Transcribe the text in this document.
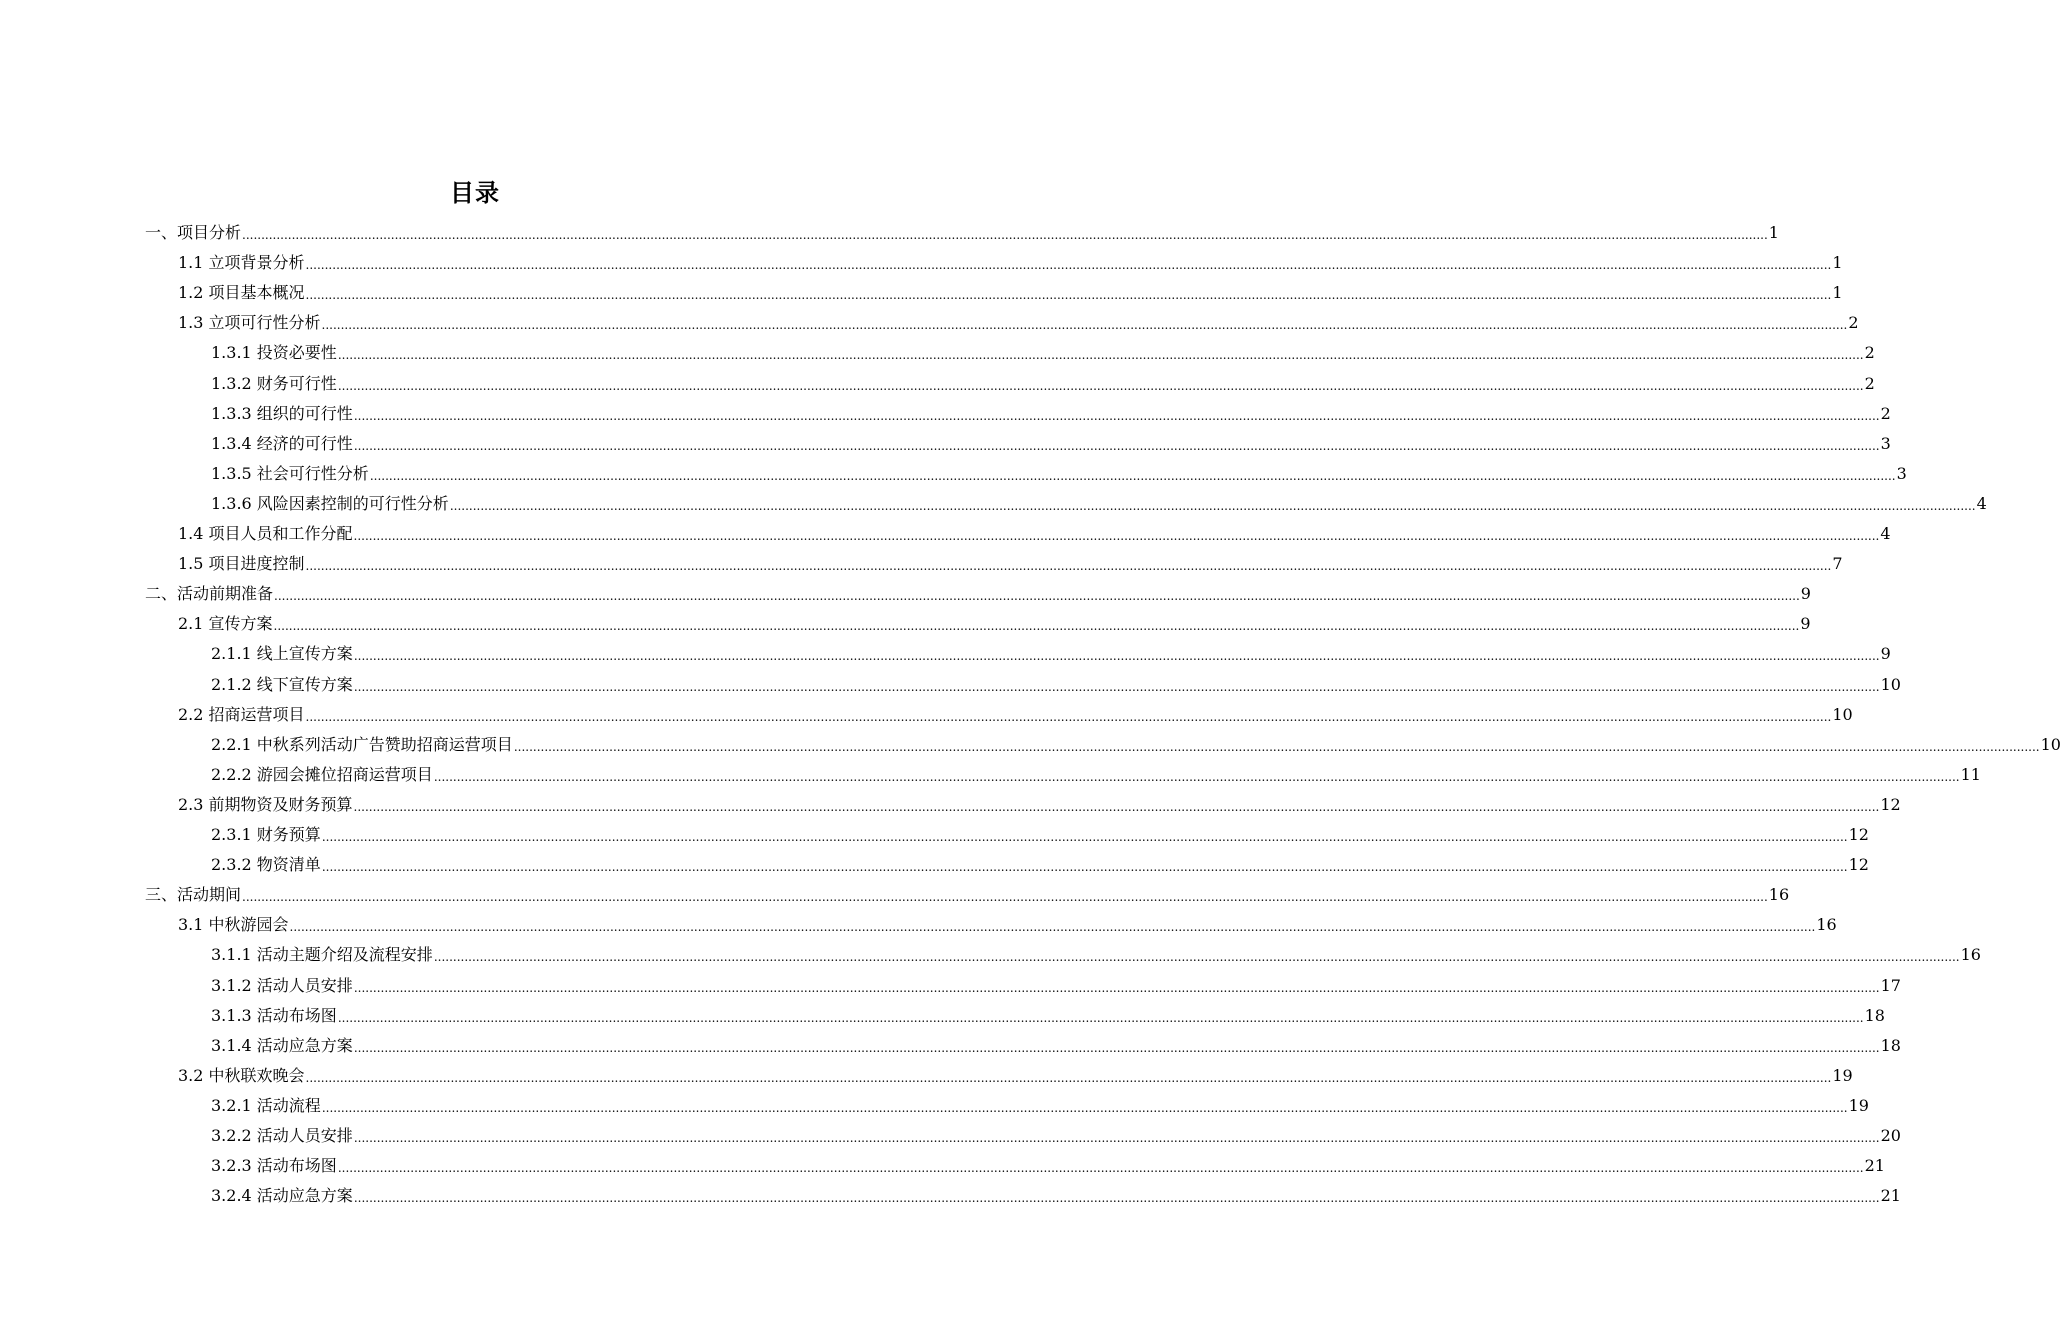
目录
一、项目分析 ................................................................................................................................................................................................................................................................................................................................................................................................................ 1
1.1 立项背景分析 ................................................................................................................................................................................................................................................................................................................................................................................................................ 1
1.2 项目基本概况 ................................................................................................................................................................................................................................................................................................................................................................................................................ 1
1.3 立项可行性分析 ................................................................................................................................................................................................................................................................................................................................................................................................................ 2
1.3.1 投资必要性 ................................................................................................................................................................................................................................................................................................................................................................................................................ 2
1.3.2 财务可行性 ................................................................................................................................................................................................................................................................................................................................................................................................................ 2
1.3.3 组织的可行性 ................................................................................................................................................................................................................................................................................................................................................................................................................ 2
1.3.4 经济的可行性 ................................................................................................................................................................................................................................................................................................................................................................................................................ 3
1.3.5 社会可行性分析 ................................................................................................................................................................................................................................................................................................................................................................................................................ 3
1.3.6 风险因素控制的可行性分析 ................................................................................................................................................................................................................................................................................................................................................................................................................ 4
1.4 项目人员和工作分配 ................................................................................................................................................................................................................................................................................................................................................................................................................ 4
1.5 项目进度控制 ................................................................................................................................................................................................................................................................................................................................................................................................................ 7
二、活动前期准备 ................................................................................................................................................................................................................................................................................................................................................................................................................ 9
2.1 宣传方案 ................................................................................................................................................................................................................................................................................................................................................................................................................ 9
2.1.1 线上宣传方案 ................................................................................................................................................................................................................................................................................................................................................................................................................ 9
2.1.2 线下宣传方案 ................................................................................................................................................................................................................................................................................................................................................................................................................ 10
2.2 招商运营项目 ................................................................................................................................................................................................................................................................................................................................................................................................................ 10
2.2.1 中秋系列活动广告赞助招商运营项目 ................................................................................................................................................................................................................................................................................................................................................................................................................ 10
2.2.2 游园会摊位招商运营项目 ................................................................................................................................................................................................................................................................................................................................................................................................................ 11
2.3 前期物资及财务预算 ................................................................................................................................................................................................................................................................................................................................................................................................................ 12
2.3.1 财务预算 ................................................................................................................................................................................................................................................................................................................................................................................................................ 12
2.3.2 物资清单 ................................................................................................................................................................................................................................................................................................................................................................................................................ 12
三、活动期间 ................................................................................................................................................................................................................................................................................................................................................................................................................ 16
3.1 中秋游园会 ................................................................................................................................................................................................................................................................................................................................................................................................................ 16
3.1.1 活动主题介绍及流程安排 ................................................................................................................................................................................................................................................................................................................................................................................................................ 16
3.1.2 活动人员安排 ................................................................................................................................................................................................................................................................................................................................................................................................................ 17
3.1.3 活动布场图 ................................................................................................................................................................................................................................................................................................................................................................................................................ 18
3.1.4 活动应急方案 ................................................................................................................................................................................................................................................................................................................................................................................................................ 18
3.2 中秋联欢晚会 ................................................................................................................................................................................................................................................................................................................................................................................................................ 19
3.2.1 活动流程 ................................................................................................................................................................................................................................................................................................................................................................................................................ 19
3.2.2 活动人员安排 ................................................................................................................................................................................................................................................................................................................................................................................................................ 20
3.2.3 活动布场图 ................................................................................................................................................................................................................................................................................................................................................................................................................ 21
3.2.4 活动应急方案 ................................................................................................................................................................................................................................................................................................................................................................................................................ 21
